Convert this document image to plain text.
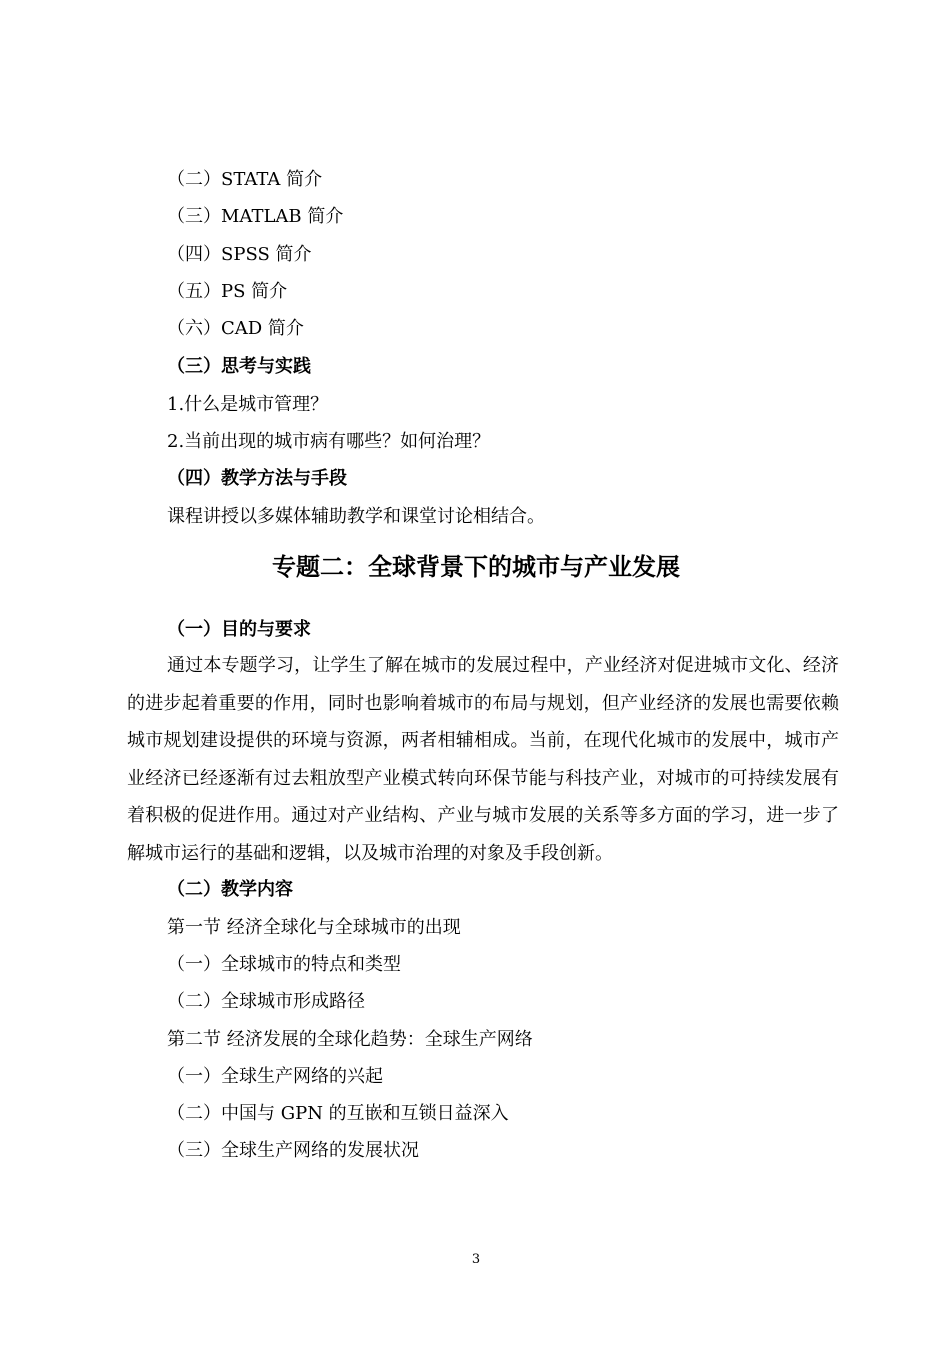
（二）STATA 简介
（三）MATLAB 简介
（四）SPSS 简介
（五）PS 简介
（六）CAD 简介
（三）思考与实践
1.什么是城市管理？
2.当前出现的城市病有哪些？如何治理？
（四）教学方法与手段
课程讲授以多媒体辅助教学和课堂讨论相结合。
专题二：全球背景下的城市与产业发展
（一）目的与要求
通过本专题学习，让学生了解在城市的发展过程中，产业经济对促进城市文化、经济的进步起着重要的作用，同时也影响着城市的布局与规划，但产业经济的发展也需要依赖城市规划建设提供的环境与资源，两者相辅相成。当前，在现代化城市的发展中，城市产业经济已经逐渐有过去粗放型产业模式转向环保节能与科技产业，对城市的可持续发展有着积极的促进作用。通过对产业结构、产业与城市发展的关系等多方面的学习，进一步了解城市运行的基础和逻辑，以及城市治理的对象及手段创新。
（二）教学内容
第一节 经济全球化与全球城市的出现
（一）全球城市的特点和类型
（二）全球城市形成路径
第二节 经济发展的全球化趋势：全球生产网络
（一）全球生产网络的兴起
（二）中国与 GPN 的互嵌和互锁日益深入
（三）全球生产网络的发展状况
3
